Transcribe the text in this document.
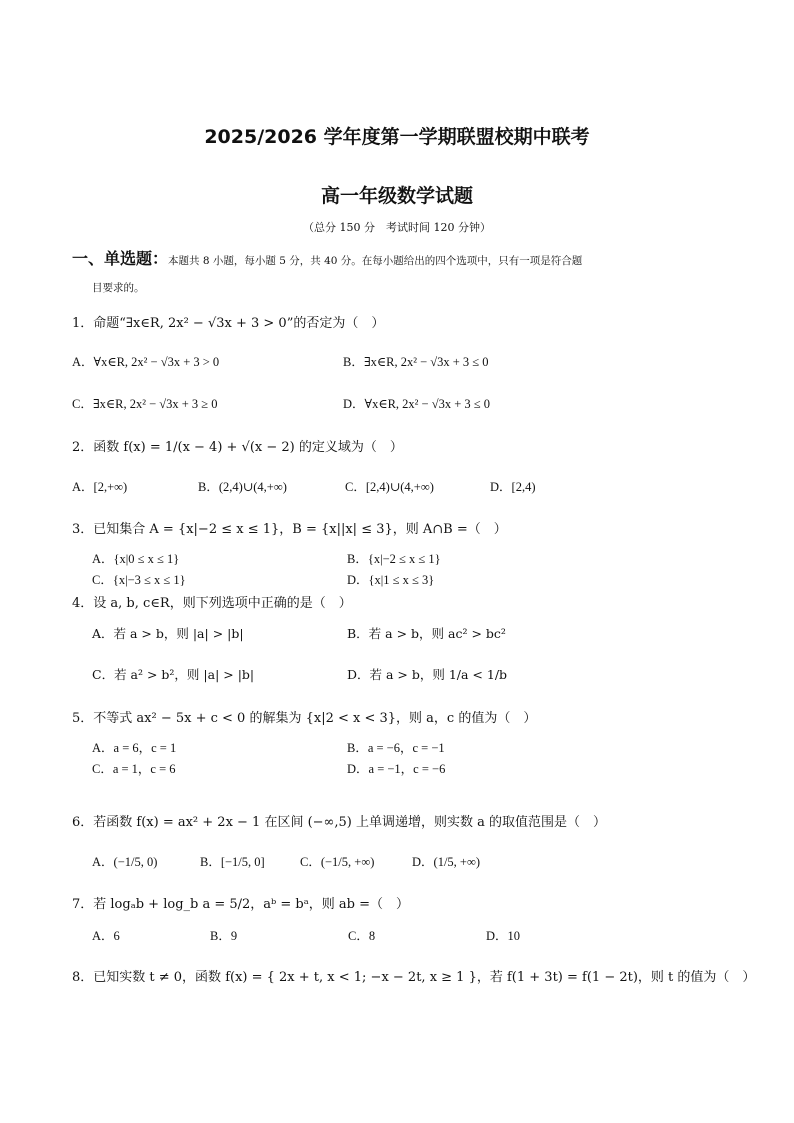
2025/2026 学年度第一学期联盟校期中联考
高一年级数学试题
（总分 150 分　考试时间 120 分钟）
一、单选题：本题共 8 小题，每小题 5 分，共 40 分。在每小题给出的四个选项中，只有一项是符合题
目要求的。
1．命题“∃x∈R, 2x² − √3x + 3 > 0”的否定为（　）
A．∀x∈R, 2x² − √3x + 3 > 0	B．∃x∈R, 2x² − √3x + 3 ≤ 0
C．∃x∈R, 2x² − √3x + 3 ≥ 0	D．∀x∈R, 2x² − √3x + 3 ≤ 0
2．函数 f(x) = 1/(x − 4) + √(x − 2) 的定义域为（　）
A．[2,+∞)	B．(2,4)∪(4,+∞)	C．[2,4)∪(4,+∞)	D．[2,4)
3．已知集合 A = {x|−2 ≤ x ≤ 1}，B = {x||x| ≤ 3}，则 A∩B =（　）
A．{x|0 ≤ x ≤ 1}	B．{x|−2 ≤ x ≤ 1}
C．{x|−3 ≤ x ≤ 1}	D．{x|1 ≤ x ≤ 3}
4．设 a, b, c∈R，则下列选项中正确的是（　）
A．若 a > b，则 |a| > |b|	B．若 a > b，则 ac² > bc²
C．若 a² > b²，则 |a| > |b|	D．若 a > b，则 1/a < 1/b
5．不等式 ax² − 5x + c < 0 的解集为 {x|2 < x < 3}，则 a，c 的值为（　）
A．a = 6，c = 1	B．a = −6，c = −1
C．a = 1，c = 6	D．a = −1，c = −6
6．若函数 f(x) = ax² + 2x − 1 在区间 (−∞,5) 上单调递增，则实数 a 的取值范围是（　）
A．(−1/5, 0)	B．[−1/5, 0]	C．(−1/5, +∞)	D．(1/5, +∞)
7．若 logₐb + log_b a = 5/2，aᵇ = bᵃ，则 ab =（　）
A．6	B．9	C．8	D．10
8．已知实数 t ≠ 0，函数 f(x) = { 2x + t, x < 1; −x − 2t, x ≥ 1 }，若 f(1 + 3t) = f(1 − 2t)，则 t 的值为（　）
